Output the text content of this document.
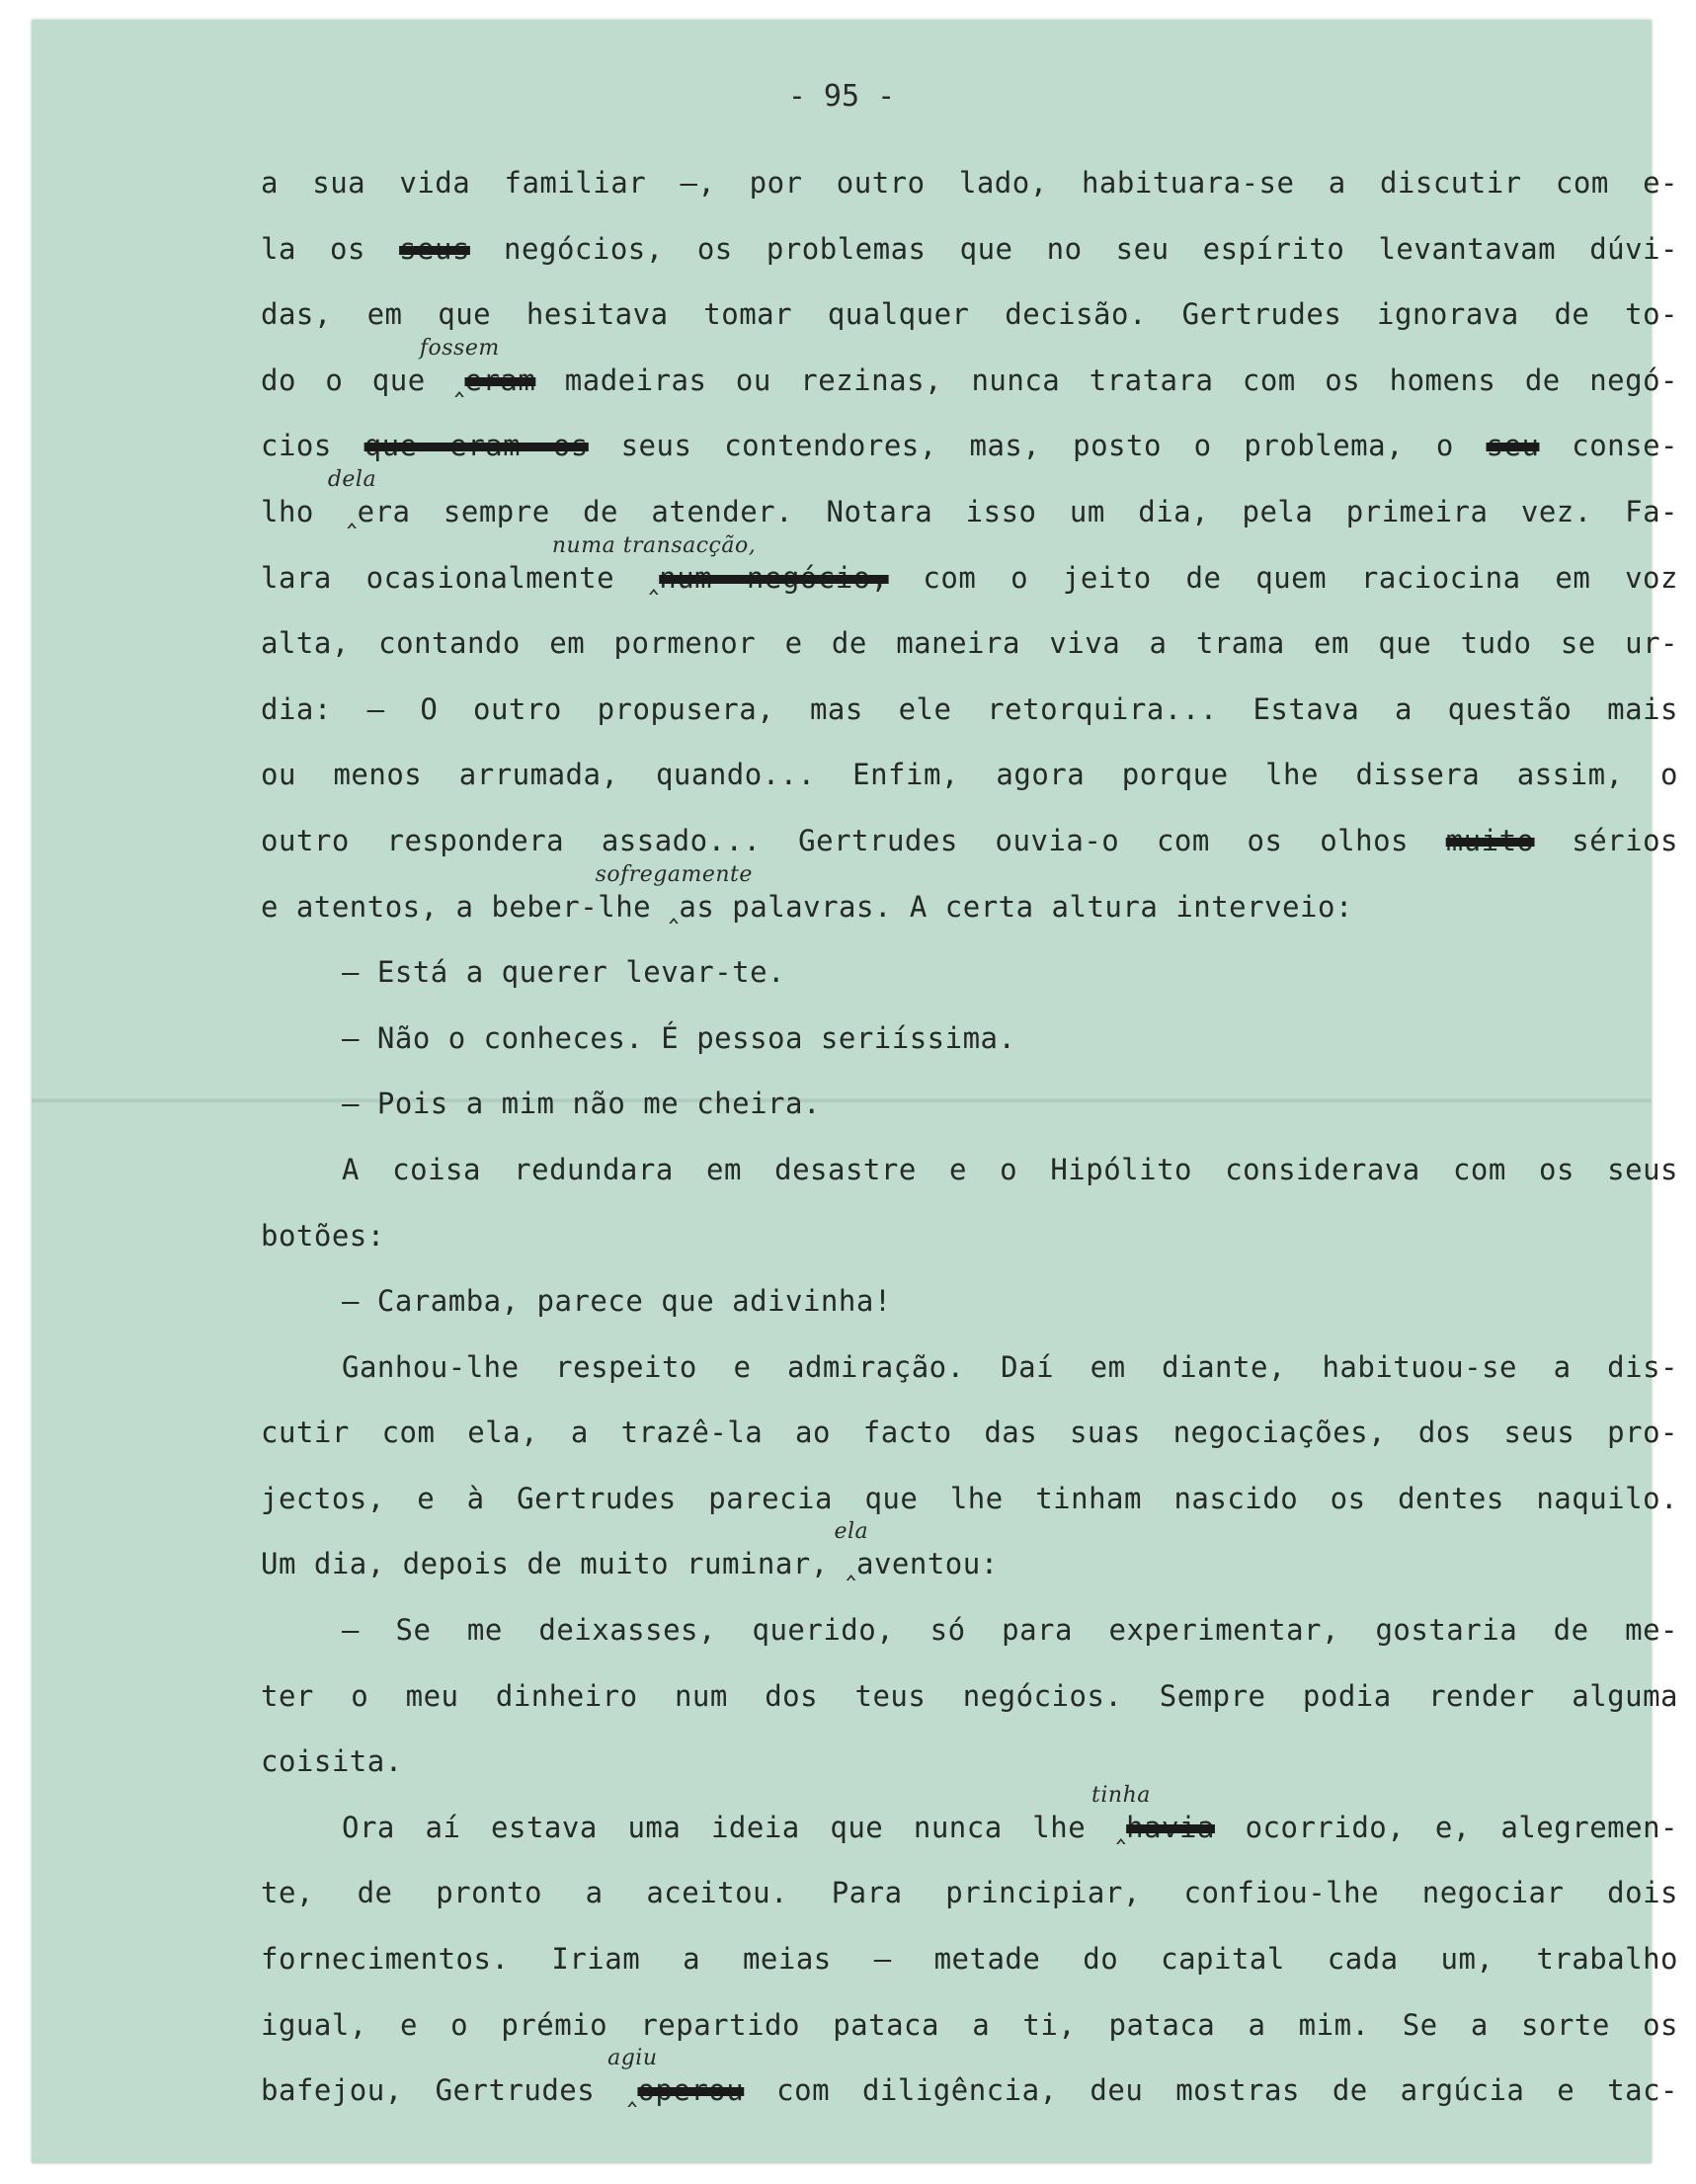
- 95 -
a sua vida familiar —, por outro lado, habituara-se a discutir com e-
la os seus negócios, os problemas que no seu espírito levantavam dúvi-
das, em que hesitava tomar qualquer decisão. Gertrudes ignorava de to-
do o que ‸
fossem
eram madeiras ou rezinas, nunca tratara com os homens de negó-
cios que eram os seus contendores, mas, posto o problema, o seu conse-
lho ‸
dela
era sempre de atender. Notara isso um dia, pela primeira vez. Fa-
lara ocasionalmente ‸
numa transacção,
num negócio, com o jeito de quem raciocina em voz
alta, contando em pormenor e de maneira viva a trama em que tudo se ur-
dia: — O outro propusera, mas ele retorquira... Estava a questão mais
ou menos arrumada, quando... Enfim, agora porque lhe dissera assim, o
outro respondera assado... Gertrudes ouvia-o com os olhos muito sérios
e atentos, a beber-lhe ‸
sofregamente
as palavras. A certa altura interveio:
— Está a querer levar-te.
— Não o conheces. É pessoa seriíssima.
— Pois a mim não me cheira.
A coisa redundara em desastre e o Hipólito considerava com os seus
botões:
— Caramba, parece que adivinha!
Ganhou-lhe respeito e admiração. Daí em diante, habituou-se a dis-
cutir com ela, a trazê-la ao facto das suas negociações, dos seus pro-
jectos, e à Gertrudes parecia que lhe tinham nascido os dentes naquilo.
Um dia, depois de muito ruminar, ‸
ela
aventou:
— Se me deixasses, querido, só para experimentar, gostaria de me-
ter o meu dinheiro num dos teus negócios. Sempre podia render alguma
coisita.
Ora aí estava uma ideia que nunca lhe ‸
tinha
havia ocorrido, e, alegremen-
te, de pronto a aceitou. Para principiar, confiou-lhe negociar dois
fornecimentos. Iriam a meias — metade do capital cada um, trabalho
igual, e o prémio repartido pataca a ti, pataca a mim. Se a sorte os
bafejou, Gertrudes ‸
agiu
operou com diligência, deu mostras de argúcia e tac-
